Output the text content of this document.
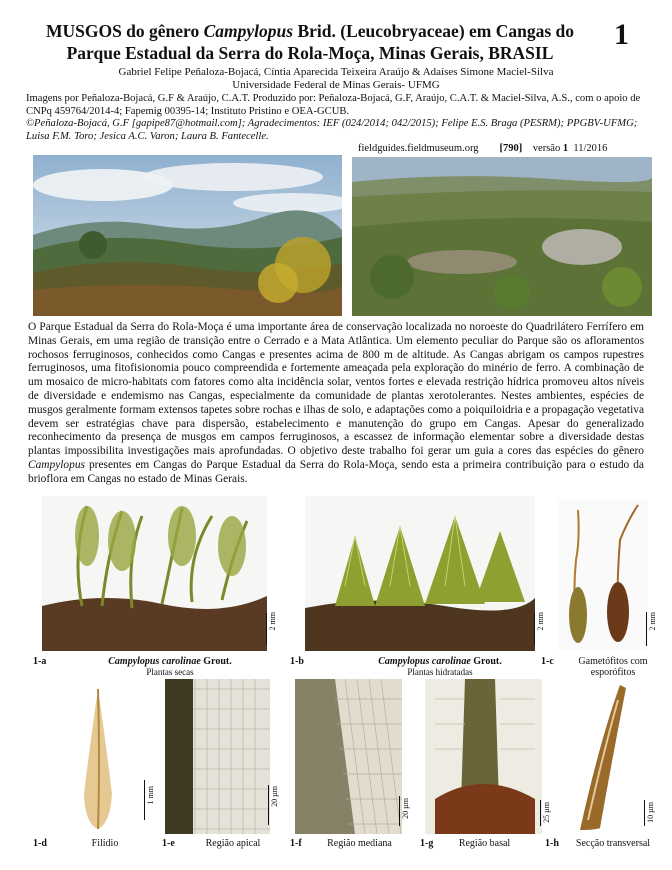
MUSGOS do gênero Campylopus Brid. (Leucobryaceae) em Cangas do
Parque Estadual da Serra do Rola-Moça, Minas Gerais, BRASIL
1
Gabriel Felipe Peñaloza-Bojacá, Cíntia Aparecida Teixeira Araújo & Adaíses Simone Maciel-Silva
Universidade Federal de Minas Gerais- UFMG
Imagens por Peñaloza-Bojacá, G.F & Araújo, C.A.T. Produzido por: Peñaloza-Bojacá, G.F, Araújo, C.A.T. & Maciel-Silva, A.S., com o apoio de CNPq 459764/2014-4; Fapemig 00395-14; Instituto Pristino e OEA-GCUB.
©Peñaloza-Bojacá, G.F [gapipe87@hotmail.com]; Agradecimentos: IEF (024/2014; 042/2015); Felipe E.S. Braga (PESRM); PPGBV-UFMG; Luisa F.M. Toro; Jesica A.C. Varon; Laura B. Fantecelle.
fieldguides.fieldmuseum.org [790] versão 1 11/2016
O Parque Estadual da Serra do Rola-Moça é uma importante área de conservação localizada no noroeste do Quadrilátero Ferrífero em Minas Gerais, em uma região de transição entre o Cerrado e a Mata Atlântica. Um elemento peculiar do Parque são os afloramentos rochosos ferruginosos, conhecidos como Cangas e presentes acima de 800 m de altitude. As Cangas abrigam os campos rupestres ferruginosos, uma fitofisionomia pouco compreendida e fortemente ameaçada pela exploração do minério de ferro. A combinação de um mosaico de micro-habitats com fatores como alta incidência solar, ventos fortes e elevada restrição hídrica promoveu altos níveis de diversidade e endemismo nas Cangas, especialmente da comunidade de plantas xerotolerantes. Nestes ambientes, espécies de musgos geralmente formam extensos tapetes sobre rochas e ilhas de solo, e adaptações como a poiquiloidria e a propagação vegetativa devem ser estratégias chave para dispersão, estabelecimento e manutenção do grupo em Cangas. Apesar do generalizado reconhecimento da presença de musgos em campos ferruginosos, a escassez de informação elementar sobre a diversidade destas plantas impossibilita investigações mais aprofundadas. O objetivo deste trabalho foi gerar um guia a cores das espécies do gênero Campylopus presentes em Cangas do Parque Estadual da Serra do Rola-Moça, sendo esta a primeira contribuição para o estudo da brioflora em Cangas no estado de Minas Gerais.
2 mm
1-a	Campylopus carolinae Grout.
Plantas secas
2 mm
1-b	Campylopus carolinae Grout.
Plantas hidratadas
2 mm
1-c	Gametófitos com esporófitos
1 mm
1-d	Filídio
20 µm
1-e	Região apical
20 µm
1-f	Região mediana
25 µm
1-g	Região basal
10 µm
1-h	Secção transversal
